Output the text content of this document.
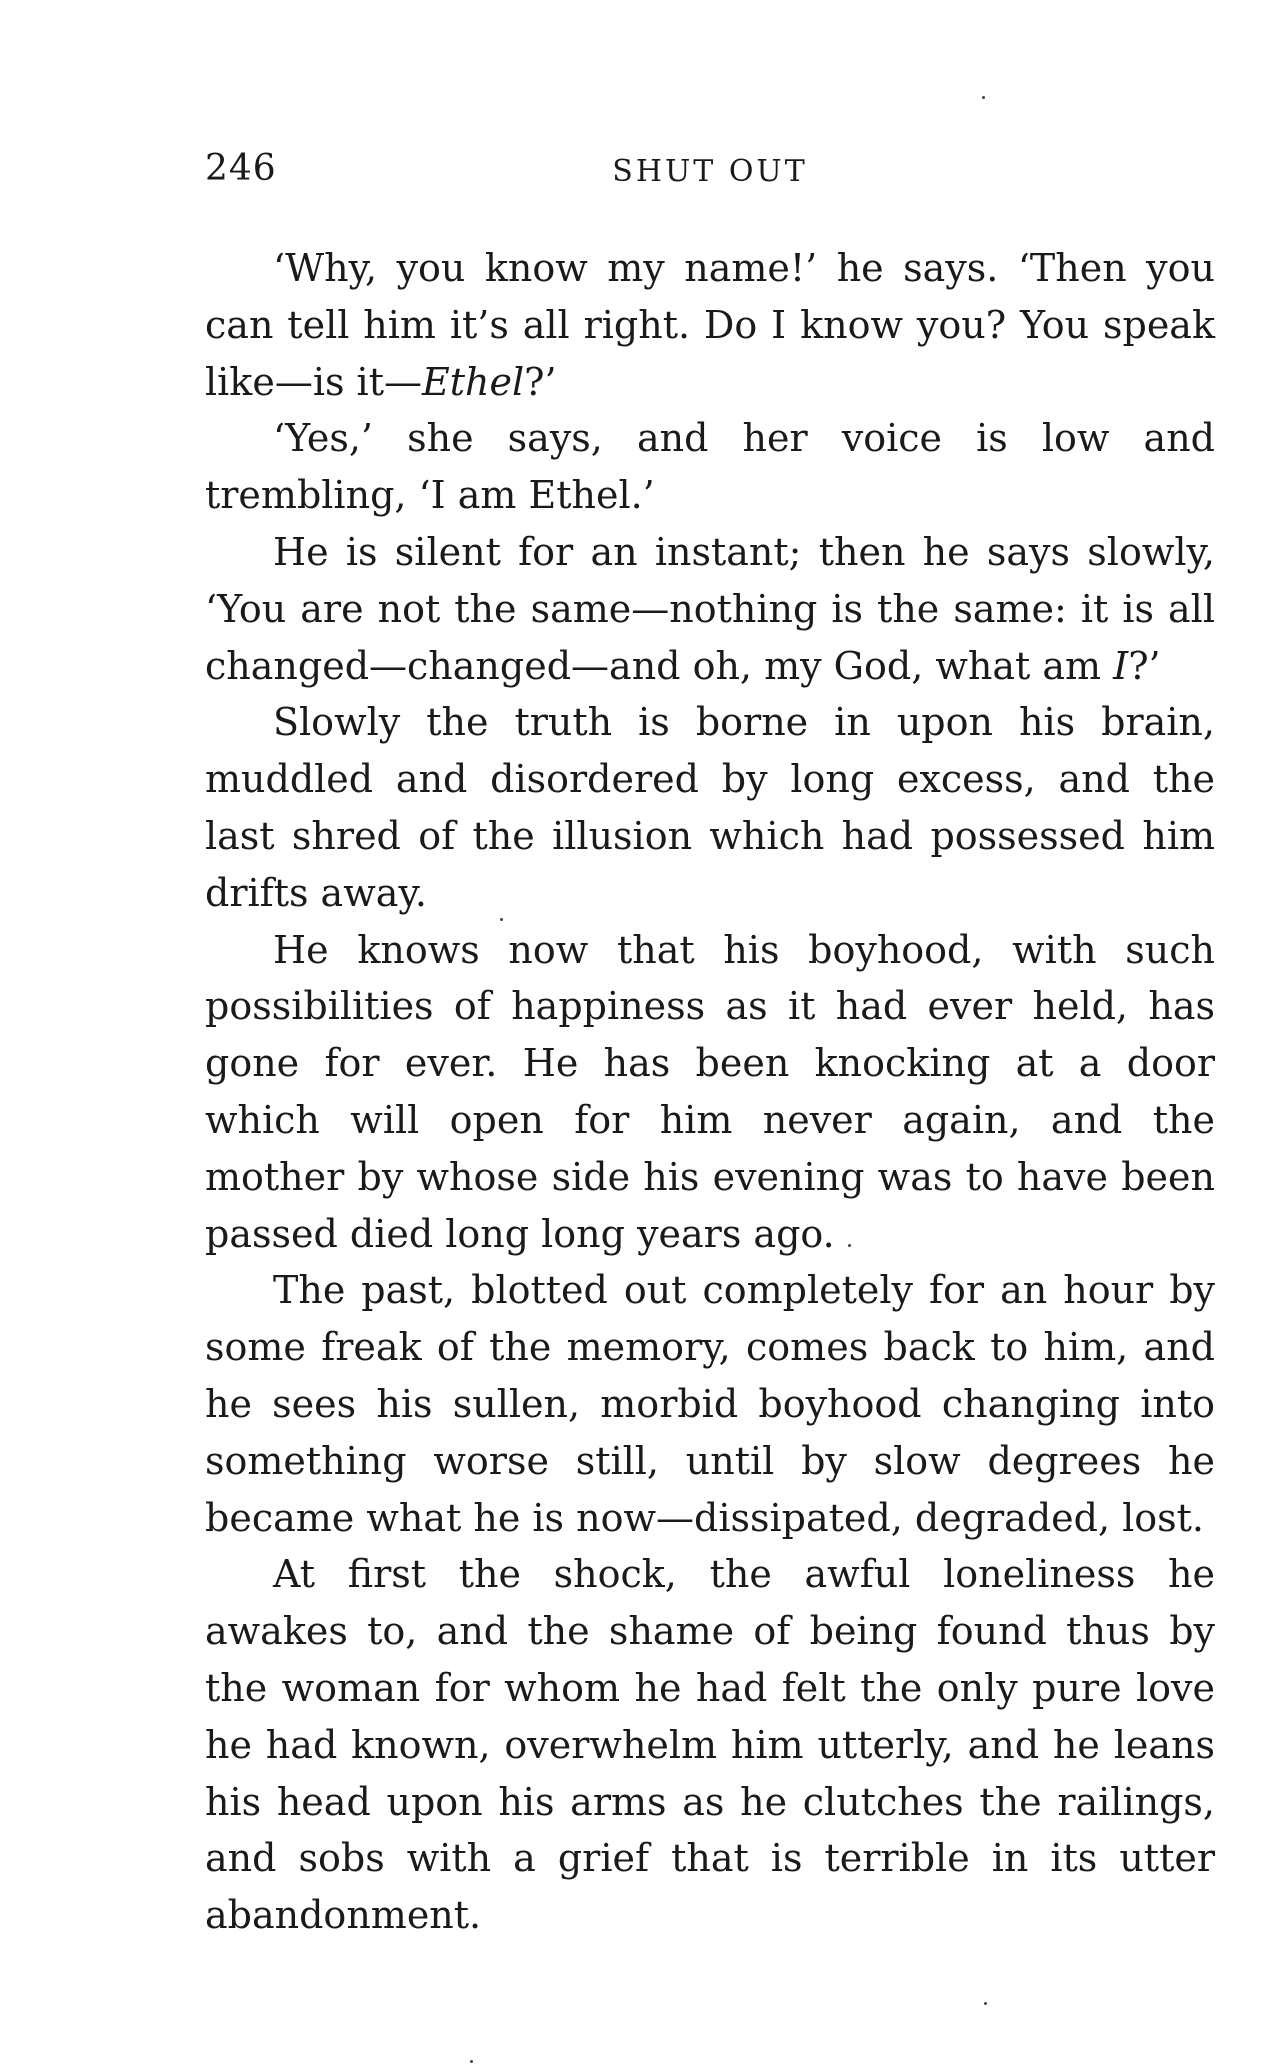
246	SHUT OUT

‘Why, you know my name!’ he says. ‘Then you can tell him it’s all right. Do I know you? You speak like—is it—Ethel?’

‘Yes,’ she says, and her voice is low and trembling, ‘I am Ethel.’

He is silent for an instant; then he says slowly, ‘You are not the same—nothing is the same: it is all changed—changed—and oh, my God, what am I?’

Slowly the truth is borne in upon his brain, muddled and disordered by long excess, and the last shred of the illusion which had possessed him drifts away.

He knows now that his boyhood, with such possibilities of happiness as it had ever held, has gone for ever. He has been knocking at a door which will open for him never again, and the mother by whose side his evening was to have been passed died long long years ago.

The past, blotted out completely for an hour by some freak of the memory, comes back to him, and he sees his sullen, morbid boyhood changing into something worse still, until by slow degrees he became what he is now—dissipated, degraded, lost.

At first the shock, the awful loneliness he awakes to, and the shame of being found thus by the woman for whom he had felt the only pure love he had known, overwhelm him utterly, and he leans his head upon his arms as he clutches the railings, and sobs with a grief that is terrible in its utter abandonment.
